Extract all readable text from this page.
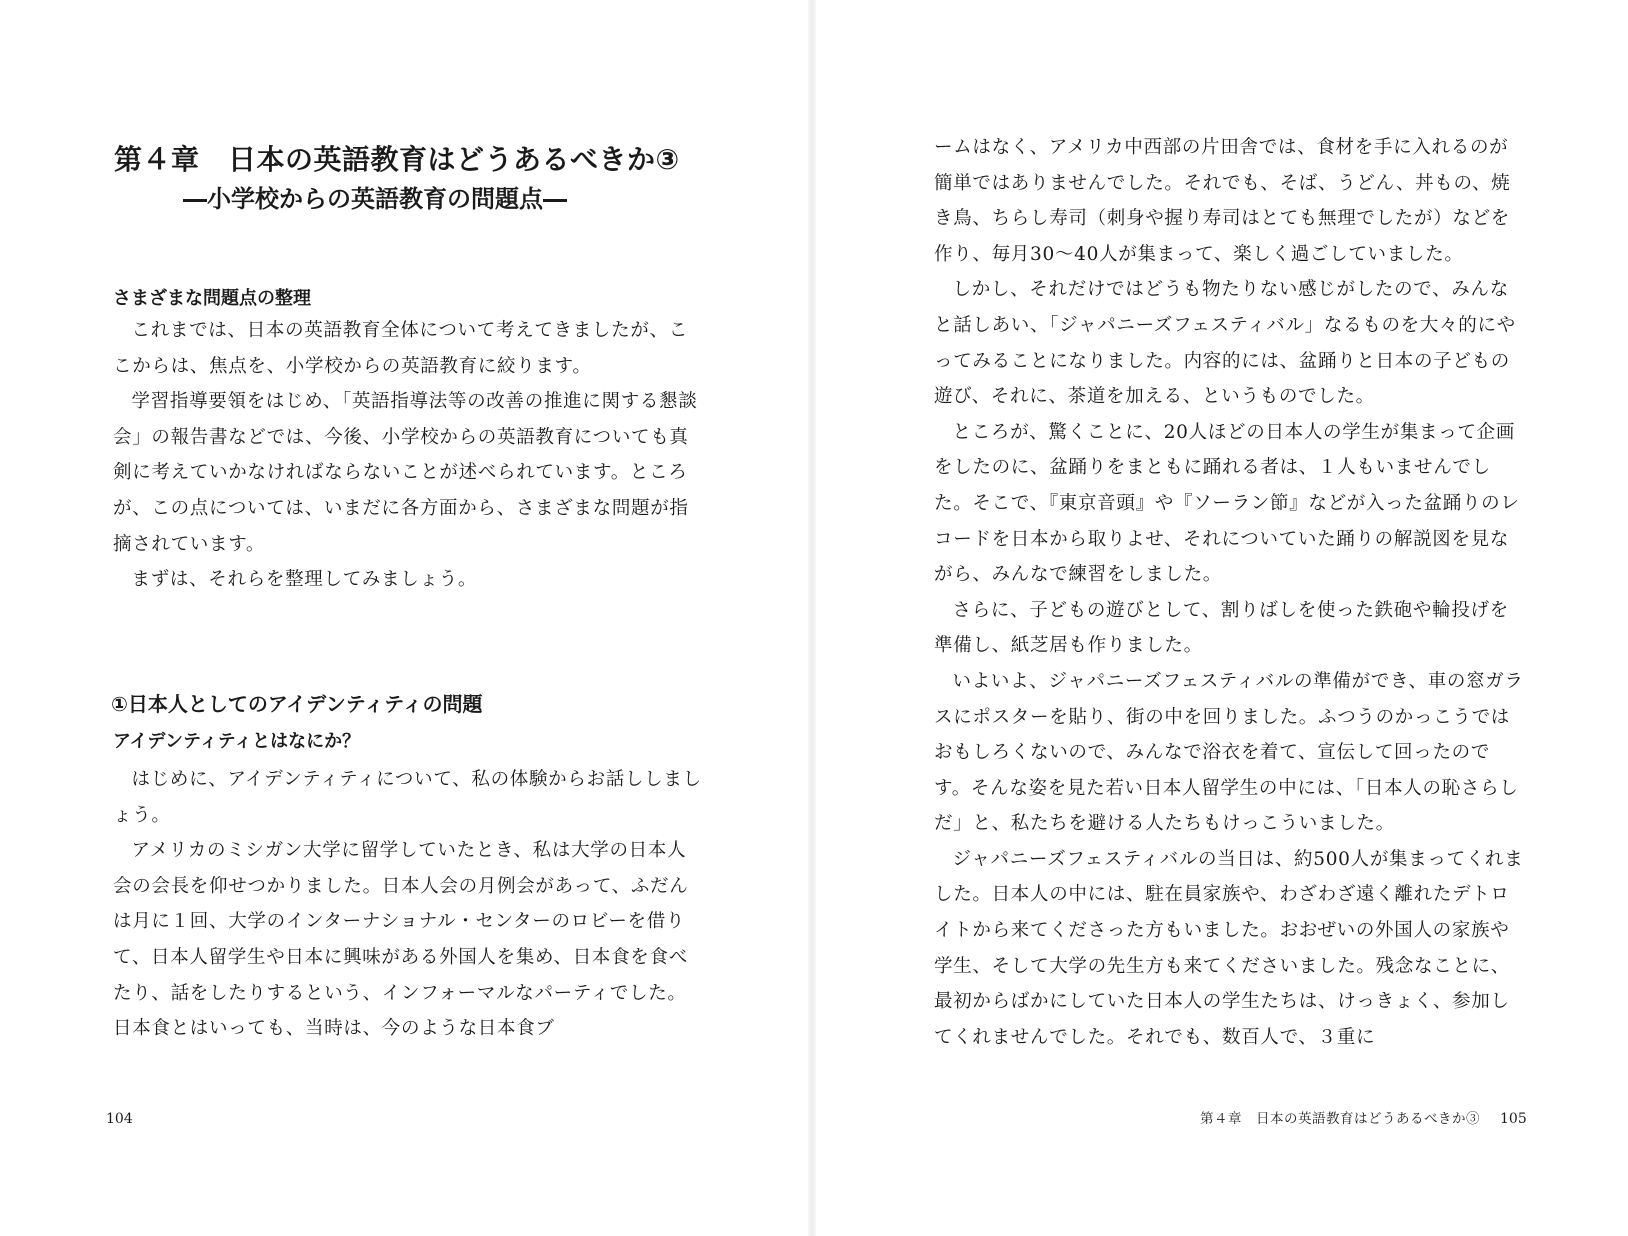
第４章　日本の英語教育はどうあるべきか③
―小学校からの英語教育の問題点―
さまざまな問題点の整理

これまでは、日本の英語教育全体について考えてきましたが、ここからは、焦点を、小学校からの英語教育に絞ります。

学習指導要領をはじめ、「英語指導法等の改善の推進に関する懇談会」の報告書などでは、今後、小学校からの英語教育についても真剣に考えていかなければならないことが述べられています。ところが、この点については、いまだに各方面から、さまざまな問題が指摘されています。

まずは、それらを整理してみましょう。

①日本人としてのアイデンティティの問題
アイデンティティとはなにか？

はじめに、アイデンティティについて、私の体験からお話ししましょう。

アメリカのミシガン大学に留学していたとき、私は大学の日本人会の会長を仰せつかりました。日本人会の月例会があって、ふだんは月に１回、大学のインターナショナル・センターのロビーを借りて、日本人留学生や日本に興味がある外国人を集め、日本食を食べたり、話をしたりするという、インフォーマルなパーティでした。日本食とはいっても、当時は、今のような日本食ブ

104

ームはなく、アメリカ中西部の片田舎では、食材を手に入れるのが簡単ではありませんでした。それでも、そば、うどん、丼もの、焼き鳥、ちらし寿司（刺身や握り寿司はとても無理でしたが）などを作り、毎月30～40人が集まって、楽しく過ごしていました。

しかし、それだけではどうも物たりない感じがしたので、みんなと話しあい、「ジャパニーズフェスティバル」なるものを大々的にやってみることになりました。内容的には、盆踊りと日本の子どもの遊び、それに、茶道を加える、というものでした。

ところが、驚くことに、20人ほどの日本人の学生が集まって企画をしたのに、盆踊りをまともに踊れる者は、１人もいませんでした。そこで、『東京音頭』や『ソーラン節』などが入った盆踊りのレコードを日本から取りよせ、それについていた踊りの解説図を見ながら、みんなで練習をしました。

さらに、子どもの遊びとして、割りばしを使った鉄砲や輪投げを準備し、紙芝居も作りました。

いよいよ、ジャパニーズフェスティバルの準備ができ、車の窓ガラスにポスターを貼り、街の中を回りました。ふつうのかっこうではおもしろくないので、みんなで浴衣を着て、宣伝して回ったのです。そんな姿を見た若い日本人留学生の中には、「日本人の恥さらしだ」と、私たちを避ける人たちもけっこういました。

ジャパニーズフェスティバルの当日は、約500人が集まってくれました。日本人の中には、駐在員家族や、わざわざ遠く離れたデトロイトから来てくださった方もいました。おおぜいの外国人の家族や学生、そして大学の先生方も来てくださいました。残念なことに、最初からばかにしていた日本人の学生たちは、けっきょく、参加してくれませんでした。それでも、数百人で、３重に

第４章　日本の英語教育はどうあるべきか③ 105
